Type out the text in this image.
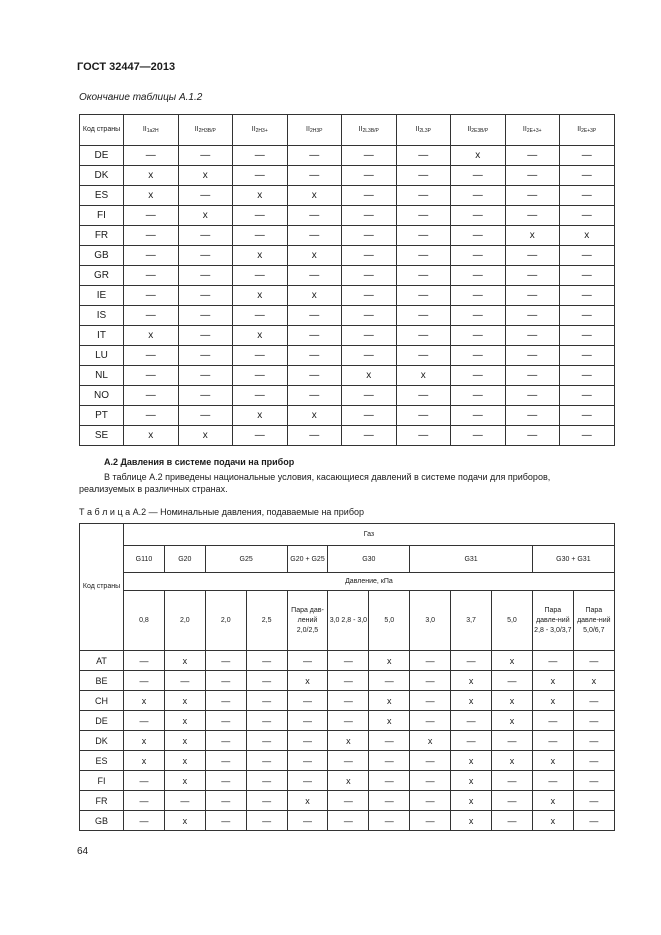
ГОСТ 32447—2013
Окончание таблицы А.1.2
Код страны	II1a2H	II2H3B/P	II2H3+	II2H3P	II2L3B/P	II2L3P	II2E3B/P	II2E+3+	II2E+3P
DE	—	—	—	—	—	—	x	—	—
DK	x	x	—	—	—	—	—	—	—
ES	x	—	x	x	—	—	—	—	—
FI	—	x	—	—	—	—	—	—	—
FR	—	—	—	—	—	—	—	x	x
GB	—	—	x	x	—	—	—	—	—
GR	—	—	—	—	—	—	—	—	—
IE	—	—	x	x	—	—	—	—	—
IS	—	—	—	—	—	—	—	—	—
IT	x	—	x	—	—	—	—	—	—
LU	—	—	—	—	—	—	—	—	—
NL	—	—	—	—	x	x	—	—	—
NO	—	—	—	—	—	—	—	—	—
PT	—	—	x	x	—	—	—	—	—
SE	x	x	—	—	—	—	—	—	—
А.2 Давления в системе подачи на прибор
В таблице А.2 приведены национальные условия, касающиеся давлений в системе подачи для приборов,
реализуемых в различных странах.
Т а б л и ц а А.2 — Номинальные давления, подаваемые на прибор
Код страны	Газ											
	G110	G20	G25		G20 + G25	G30		G31			G30 + G31	
	Давление, кПа											
	0,8	2,0	2,0	2,5	Пара дав-лений 2,0/2,5	3,0 2,8 - 3,0	5,0	3,0	3,7	5,0	Пара давле-ний 2,8 - 3,0/3,7	Пара давле-ний 5,0/6,7
AT	—	x	—	—	—	—	x	—	—	x	—	—
BE	—	—	—	—	x	—	—	—	x	—	x	x
CH	x	x	—	—	—	—	x	—	x	x	x	—
DE	—	x	—	—	—	—	x	—	—	x	—	—
DK	x	x	—	—	—	x	—	x	—	—	—	—
ES	x	x	—	—	—	—	—	—	x	x	x	—
FI	—	x	—	—	—	x	—	—	x	—	—	—
FR	—	—	—	—	x	—	—	—	x	—	x	—
GB	—	x	—	—	—	—	—	—	x	—	x	—
64
